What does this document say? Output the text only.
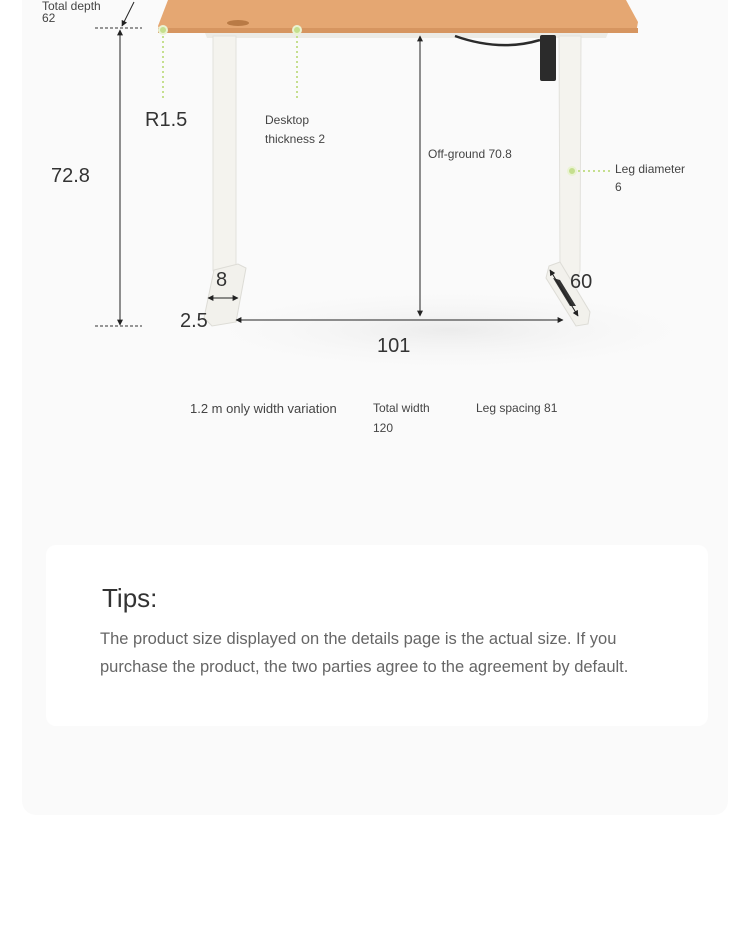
Total depth
62
72.8
R1.5	Desktop
thickness 2
Off-ground 70.8
Leg diameter
6
8	60
2.5
101
1.2 m only width variation	Total width
120
Leg spacing 81
Tips:
The product size displayed on the details page is the actual size. If you purchase the product, the two parties agree to the agreement by default.
